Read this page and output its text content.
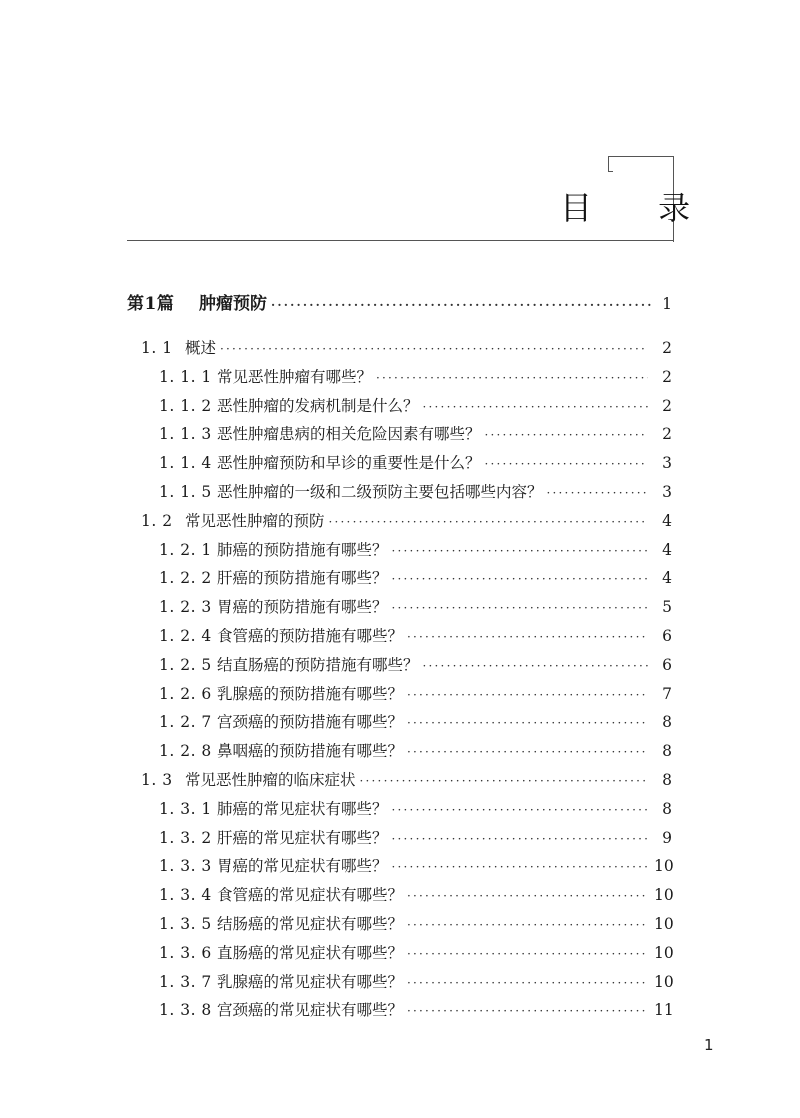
目 录
第1篇	肿瘤预防 ·····	1
1. 1 概述 ·····	2
1. 1. 1 常见恶性肿瘤有哪些？ ·····	2
1. 1. 2 恶性肿瘤的发病机制是什么？ ·····	2
1. 1. 3 恶性肿瘤患病的相关危险因素有哪些？ ·····	2
1. 1. 4 恶性肿瘤预防和早诊的重要性是什么？ ·····	3
1. 1. 5 恶性肿瘤的一级和二级预防主要包括哪些内容？ ·····	3
1. 2 常见恶性肿瘤的预防 ·····	4
1. 2. 1 肺癌的预防措施有哪些？ ·····	4
1. 2. 2 肝癌的预防措施有哪些？ ·····	4
1. 2. 3 胃癌的预防措施有哪些？ ·····	5
1. 2. 4 食管癌的预防措施有哪些？ ·····	6
1. 2. 5 结直肠癌的预防措施有哪些？ ·····	6
1. 2. 6 乳腺癌的预防措施有哪些？ ·····	7
1. 2. 7 宫颈癌的预防措施有哪些？ ·····	8
1. 2. 8 鼻咽癌的预防措施有哪些？ ·····	8
1. 3 常见恶性肿瘤的临床症状 ·····	8
1. 3. 1 肺癌的常见症状有哪些？ ·····	8
1. 3. 2 肝癌的常见症状有哪些？ ·····	9
1. 3. 3 胃癌的常见症状有哪些？ ·····	10
1. 3. 4 食管癌的常见症状有哪些？ ·····	10
1. 3. 5 结肠癌的常见症状有哪些？ ·····	10
1. 3. 6 直肠癌的常见症状有哪些？ ·····	10
1. 3. 7 乳腺癌的常见症状有哪些？ ·····	10
1. 3. 8 宫颈癌的常见症状有哪些？ ·····	11
1
